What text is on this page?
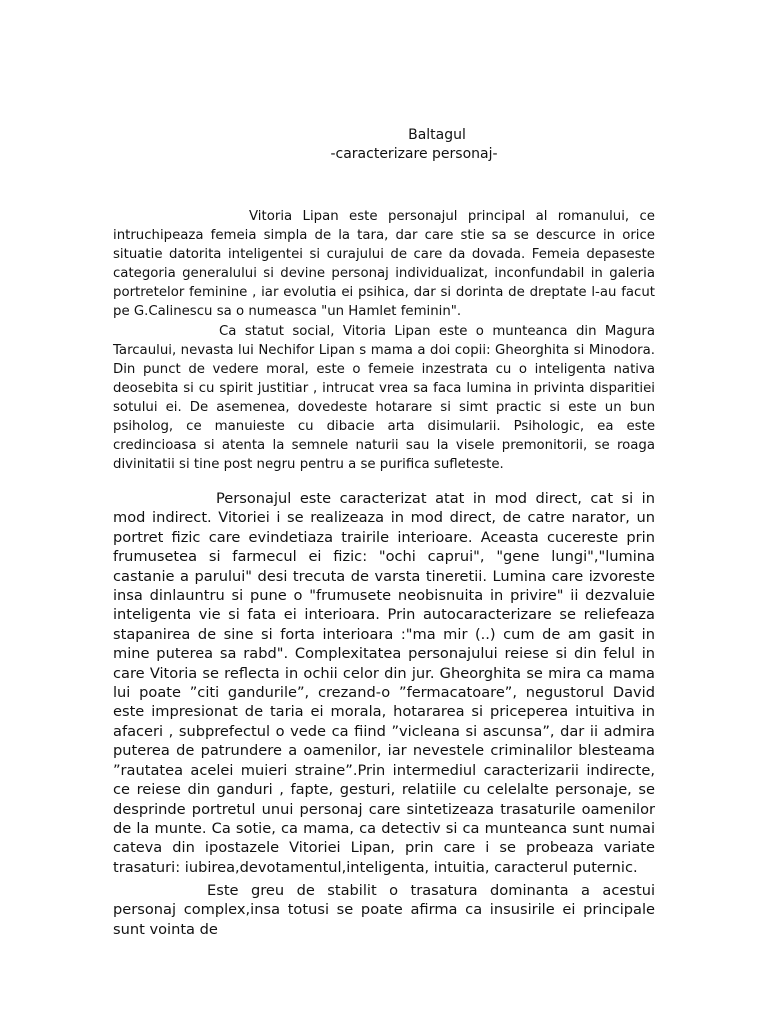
Baltagul
-caracterizare personaj-

Vitoria Lipan este personajul principal al romanului, ce intruchipeaza femeia simpla de la tara, dar care stie sa se descurce in orice situatie datorita inteligentei si curajului de care da dovada. Femeia depaseste categoria generalului si devine personaj individualizat, inconfundabil in galeria portretelor feminine , iar evolutia ei psihica, dar si dorinta de dreptate l-au facut pe G.Calinescu sa o numeasca "un Hamlet feminin".

Ca statut social, Vitoria Lipan este o munteanca din Magura Tarcaului, nevasta lui Nechifor Lipan s mama a doi copii: Gheorghita si Minodora. Din punct de vedere moral, este o femeie inzestrata cu o inteligenta nativa deosebita si cu spirit justitiar , intrucat vrea sa faca lumina in privinta disparitiei sotului ei. De asemenea, dovedeste hotarare si simt practic si este un bun psiholog, ce manuieste cu dibacie arta disimularii. Psihologic, ea este credincioasa si atenta la semnele naturii sau la visele premonitorii, se roaga divinitatii si tine post negru pentru a se purifica sufleteste.

Personajul este caracterizat atat in mod direct, cat si in mod indirect. Vitoriei i se realizeaza in mod direct, de catre narator, un portret fizic care evindetiaza trairile interioare. Aceasta cucereste prin frumusetea si farmecul ei fizic: "ochi caprui", "gene lungi","lumina castanie a parului" desi trecuta de varsta tineretii. Lumina care izvoreste insa dinlauntru si pune o "frumusete neobisnuita in privire" ii dezvaluie inteligenta vie si fata ei interioara. Prin autocaracterizare se reliefeaza stapanirea de sine si forta interioara :"ma mir (..) cum de am gasit in mine puterea sa rabd". Complexitatea personajului reiese si din felul in care Vitoria se reflecta in ochii celor din jur. Gheorghita se mira ca mama lui poate ”citi gandurile”, crezand-o ”fermacatoare”, negustorul David este impresionat de taria ei morala, hotararea si priceperea intuitiva in afaceri , subprefectul o vede ca fiind ”vicleana si ascunsa”, dar ii admira puterea de patrundere a oamenilor, iar nevestele criminalilor blesteama ”rautatea acelei muieri straine”.Prin intermediul caracterizarii indirecte, ce reiese din ganduri , fapte, gesturi, relatiile cu celelalte personaje, se desprinde portretul unui personaj care sintetizeaza trasaturile oamenilor de la munte. Ca sotie, ca mama, ca detectiv si ca munteanca sunt numai cateva din ipostazele Vitoriei Lipan, prin care i se probeaza variate trasaturi: iubirea,devotamentul,inteligenta, intuitia, caracterul puternic.

Este greu de stabilit o trasatura dominanta a acestui personaj complex,insa totusi se poate afirma ca insusirile ei principale sunt vointa de
